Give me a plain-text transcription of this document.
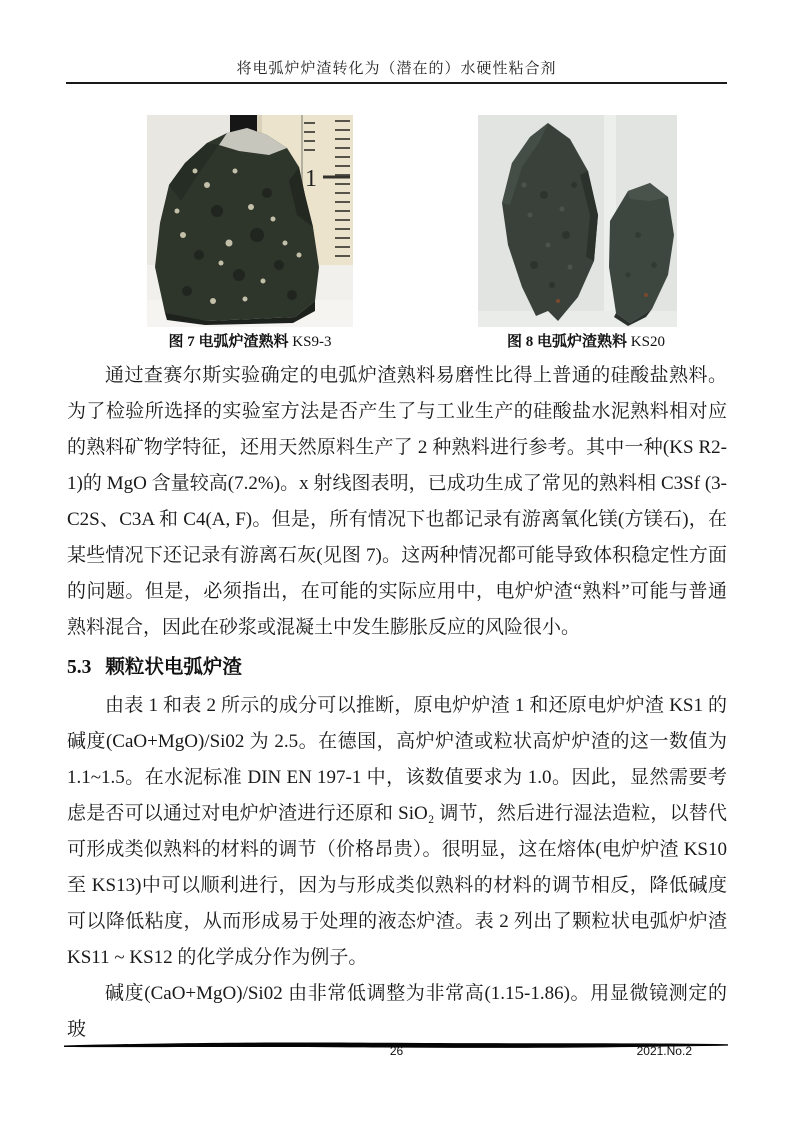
将电弧炉炉渣转化为（潜在的）水硬性粘合剂
1
图 7 电弧炉渣熟料 KS9-3	图 8 电弧炉渣熟料 KS20

通过查赛尔斯实验确定的电弧炉渣熟料易磨性比得上普通的硅酸盐熟料。为了检验所选择的实验室方法是否产生了与工业生产的硅酸盐水泥熟料相对应的熟料矿物学特征，还用天然原料生产了 2 种熟料进行参考。其中一种(KS R2-1)的 MgO 含量较高(7.2%)。x 射线图表明，已成功生成了常见的熟料相 C3Sf (3-C2S、C3A 和 C4(A, F)。但是，所有情况下也都记录有游离氧化镁(方镁石)，在某些情况下还记录有游离石灰(见图 7)。这两种情况都可能导致体积稳定性方面的问题。但是，必须指出，在可能的实际应用中，电炉炉渣“熟料”可能与普通熟料混合，因此在砂浆或混凝土中发生膨胀反应的风险很小。

5.3 颗粒状电弧炉渣

由表 1 和表 2 所示的成分可以推断，原电炉炉渣 1 和还原电炉炉渣 KS1 的碱度(CaO+MgO)/Si02 为 2.5。在德国，高炉炉渣或粒状高炉炉渣的这一数值为 1.1~1.5。在水泥标准 DIN EN 197-1 中，该数值要求为 1.0。因此，显然需要考虑是否可以通过对电炉炉渣进行还原和 SiO₂ 调节，然后进行湿法造粒，以替代可形成类似熟料的材料的调节（价格昂贵）。很明显，这在熔体(电炉炉渣 KS10 至 KS13)中可以顺利进行，因为与形成类似熟料的材料的调节相反，降低碱度可以降低粘度，从而形成易于处理的液态炉渣。表 2 列出了颗粒状电弧炉炉渣 KS11 ~ KS12 的化学成分作为例子。

碱度(CaO+MgO)/Si02 由非常低调整为非常高(1.15-1.86)。用显微镜测定的玻

26	2021.No.2
